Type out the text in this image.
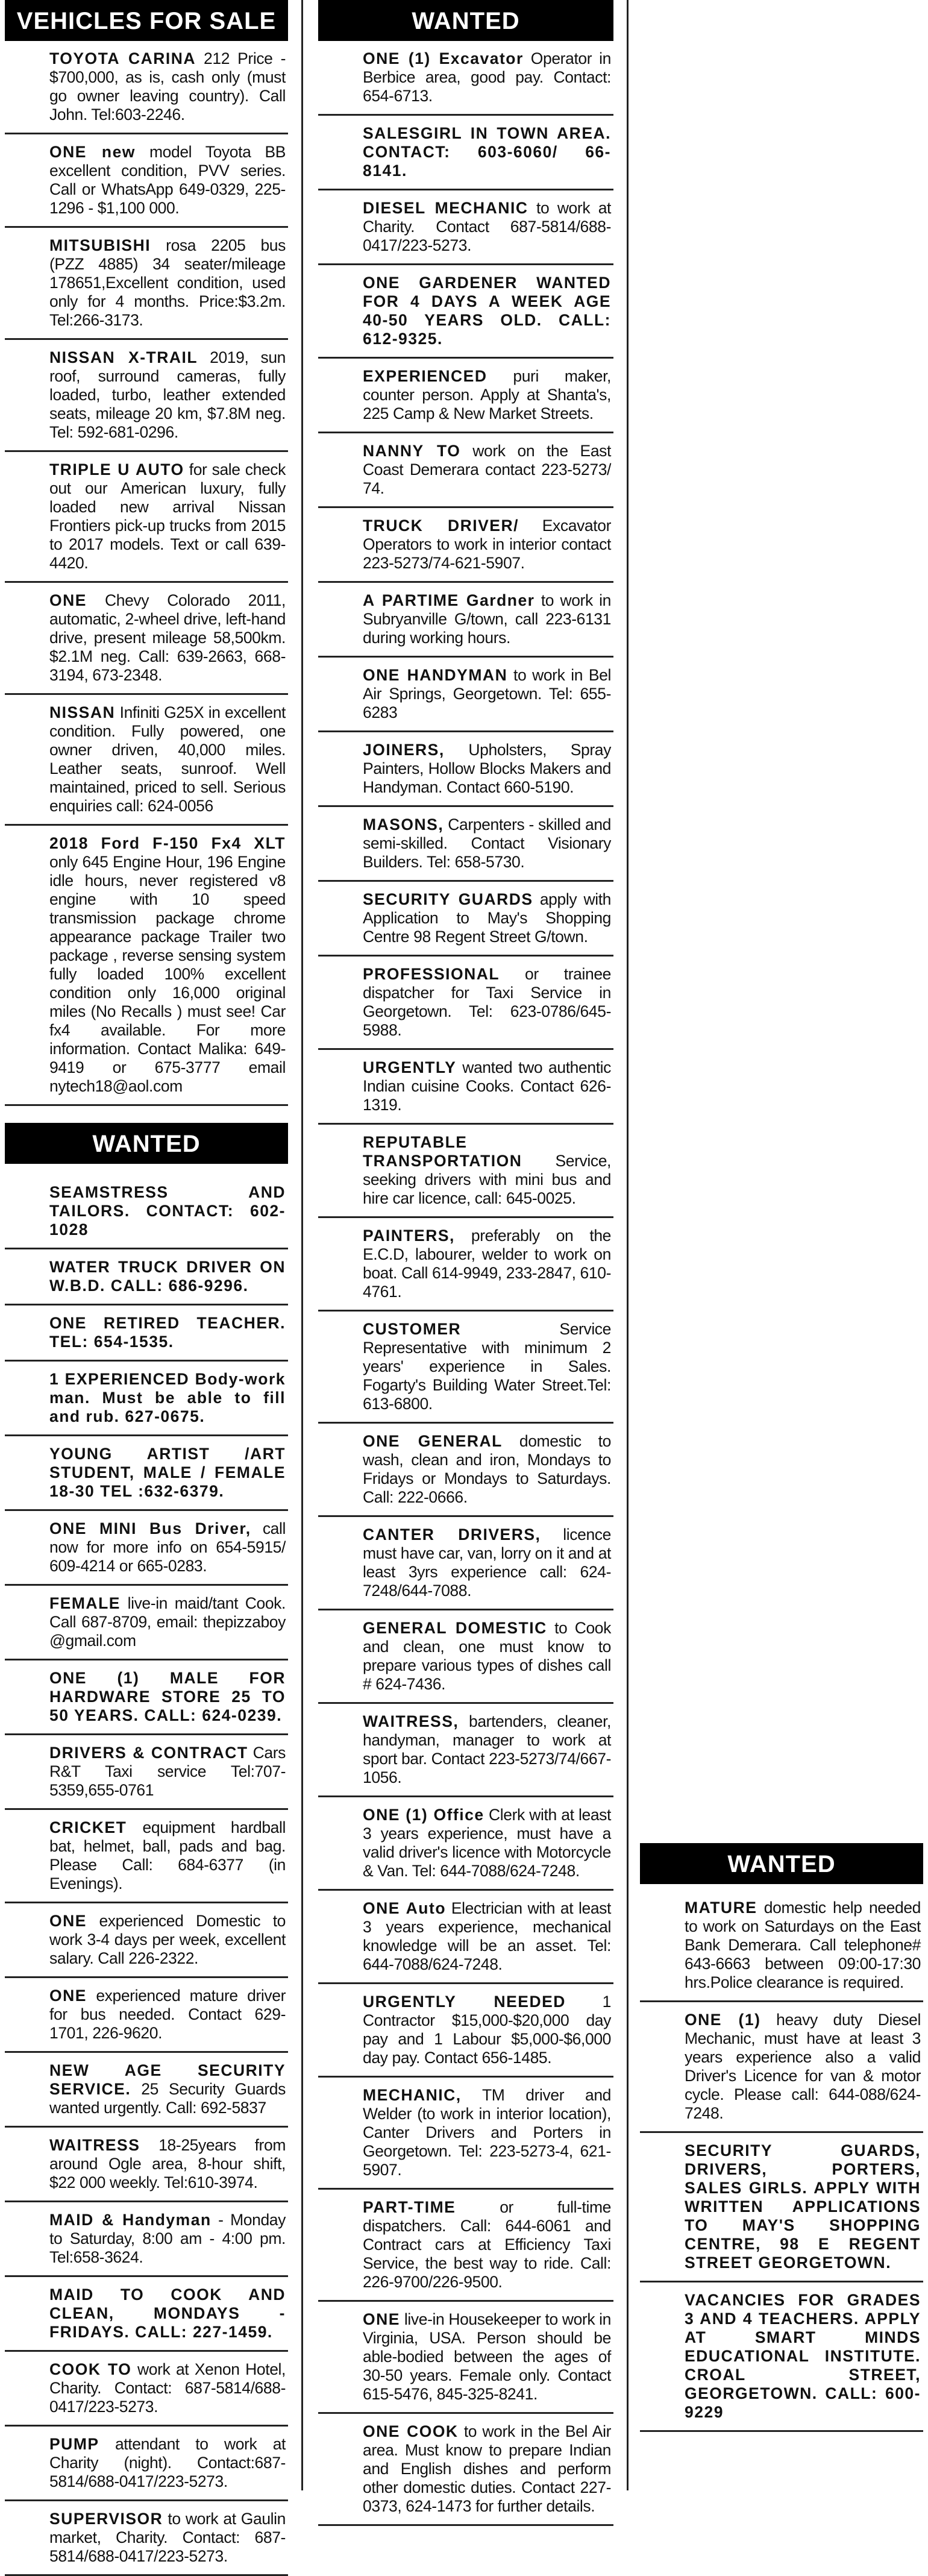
VEHICLES FOR SALE

TOYOTA CARINA 212 Price - $700,000, as is, cash only (must go owner leaving country). Call John. Tel:603-2246.

ONE new model Toyota BB excellent condition, PVV series. Call or WhatsApp 649-0329, 225-1296 - $1,100 000.

MITSUBISHI rosa 2205 bus (PZZ 4885) 34 seater/mileage 178651,Excellent condition, used only for 4 months. Price:$3.2m. Tel:266-3173.

NISSAN X-TRAIL 2019, sun roof, surround cameras, fully loaded, turbo, leather extended seats, mileage 20 km, $7.8M neg. Tel: 592-681-0296.

TRIPLE U AUTO for sale check out our American luxury, fully loaded new arrival Nissan Frontiers pick-up trucks from 2015 to 2017 models. Text or call 639-4420.

ONE Chevy Colorado 2011, automatic, 2-wheel drive, left-hand drive, present mileage 58,500km. $2.1M neg. Call: 639-2663, 668-3194, 673-2348.

NISSAN Infiniti G25X in excellent condition. Fully powered, one owner driven, 40,000 miles. Leather seats, sunroof. Well maintained, priced to sell. Serious enquiries call: 624-0056

2018 Ford F-150 Fx4 XLT only 645 Engine Hour, 196 Engine idle hours, never registered v8 engine with 10 speed transmission package chrome appearance package Trailer two package , reverse sensing system fully loaded 100% excellent condition only 16,000 original miles (No Recalls ) must see! Car fx4 available. For more information. Contact Malika: 649-9419 or 675-3777 email nytech18@aol.com

WANTED

SEAMSTRESS AND TAILORS. CONTACT: 602-1028

WATER TRUCK DRIVER ON W.B.D. CALL: 686-9296.

ONE RETIRED TEACHER. TEL: 654-1535.

1 EXPERIENCED Body-work man. Must be able to fill and rub. 627-0675.

YOUNG ARTIST /ART STUDENT, MALE / FEMALE 18-30 TEL :632-6379.

ONE MINI Bus Driver, call now for more info on 654-5915/ 609-4214 or 665-0283.

FEMALE live-in maid/tant Cook. Call 687-8709, email: thepizzaboy @gmail.com

ONE (1) MALE FOR HARDWARE STORE 25 TO 50 YEARS. CALL: 624-0239.

DRIVERS & CONTRACT Cars R&T Taxi service Tel:707-5359,655-0761

CRICKET equipment hardball bat, helmet, ball, pads and bag. Please Call: 684-6377 (in Evenings).

ONE experienced Domestic to work 3-4 days per week, excellent salary. Call 226-2322.

ONE experienced mature driver for bus needed. Contact 629-1701, 226-9620.

NEW AGE SECURITY SERVICE. 25 Security Guards wanted urgently. Call: 692-5837

WAITRESS 18-25years from around Ogle area, 8-hour shift, $22 000 weekly. Tel:610-3974.

MAID & Handyman - Monday to Saturday, 8:00 am - 4:00 pm. Tel:658-3624.

MAID TO COOK AND CLEAN, MONDAYS - FRIDAYS. CALL: 227-1459.

COOK TO work at Xenon Hotel, Charity. Contact: 687-5814/688-0417/223-5273.

PUMP attendant to work at Charity (night). Contact:687-5814/688-0417/223-5273.

SUPERVISOR to work at Gaulin market, Charity. Contact: 687-5814/688-0417/223-5273.

WANTED

ONE (1) Excavator Operator in Berbice area, good pay. Contact: 654-6713.

SALESGIRL IN TOWN AREA. CONTACT: 603-6060/ 66-8141.

DIESEL MECHANIC to work at Charity. Contact 687-5814/688-0417/223-5273.

ONE GARDENER WANTED FOR 4 DAYS A WEEK AGE 40-50 YEARS OLD. CALL: 612-9325.

EXPERIENCED puri maker, counter person. Apply at Shanta's, 225 Camp & New Market Streets.

NANNY TO work on the East Coast Demerara contact 223-5273/ 74.

TRUCK DRIVER/ Excavator Operators to work in interior contact 223-5273/74-621-5907.

A PARTIME Gardner to work in Subryanville G/town, call 223-6131 during working hours.

ONE HANDYMAN to work in Bel Air Springs, Georgetown. Tel: 655-6283

JOINERS, Upholsters, Spray Painters, Hollow Blocks Makers and Handyman. Contact 660-5190.

MASONS, Carpenters - skilled and semi-skilled. Contact Visionary Builders. Tel: 658-5730.

SECURITY GUARDS apply with Application to May's Shopping Centre 98 Regent Street G/town.

PROFESSIONAL or trainee dispatcher for Taxi Service in Georgetown. Tel: 623-0786/645-5988.

URGENTLY wanted two authentic Indian cuisine Cooks. Contact 626-1319.

REPUTABLE TRANSPORTATION Service, seeking drivers with mini bus and hire car licence, call: 645-0025.

PAINTERS, preferably on the E.C.D, labourer, welder to work on boat. Call 614-9949, 233-2847, 610-4761.

CUSTOMER Service Representative with minimum 2 years' experience in Sales. Fogarty's Building Water Street.Tel: 613-6800.

ONE GENERAL domestic to wash, clean and iron, Mondays to Fridays or Mondays to Saturdays. Call: 222-0666.

CANTER DRIVERS, licence must have car, van, lorry on it and at least 3yrs experience call: 624-7248/644-7088.

GENERAL DOMESTIC to Cook and clean, one must know to prepare various types of dishes call # 624-7436.

WAITRESS, bartenders, cleaner, handyman, manager to work at sport bar. Contact 223-5273/74/667-1056.

ONE (1) Office Clerk with at least 3 years experience, must have a valid driver's licence with Motorcycle & Van. Tel: 644-7088/624-7248.

ONE Auto Electrician with at least 3 years experience, mechanical knowledge will be an asset. Tel: 644-7088/624-7248.

URGENTLY NEEDED 1 Contractor $15,000-$20,000 day pay and 1 Labour $5,000-$6,000 day pay. Contact 656-1485.

MECHANIC, TM driver and Welder (to work in interior location), Canter Drivers and Porters in Georgetown. Tel: 223-5273-4, 621-5907.

PART-TIME or full-time dispatchers. Call: 644-6061 and Contract cars at Efficiency Taxi Service, the best way to ride. Call: 226-9700/226-9500.

ONE live-in Housekeeper to work in Virginia, USA. Person should be able-bodied between the ages of 30-50 years. Female only. Contact 615-5476, 845-325-8241.

ONE COOK to work in the Bel Air area. Must know to prepare Indian and English dishes and perform other domestic duties. Contact 227-0373, 624-1473 for further details.

WANTED

MATURE domestic help needed to work on Saturdays on the East Bank Demerara. Call telephone# 643-6663 between 09:00-17:30 hrs.Police clearance is required.

ONE (1) heavy duty Diesel Mechanic, must have at least 3 years experience also a valid Driver's Licence for van & motor cycle. Please call: 644-088/624-7248.

SECURITY GUARDS, DRIVERS, PORTERS, SALES GIRLS. APPLY WITH WRITTEN APPLICATIONS TO MAY'S SHOPPING CENTRE, 98 E REGENT STREET GEORGETOWN.

VACANCIES FOR GRADES 3 AND 4 TEACHERS. APPLY AT SMART MINDS EDUCATIONAL INSTITUTE. CROAL STREET, GEORGETOWN. CALL: 600-9229
